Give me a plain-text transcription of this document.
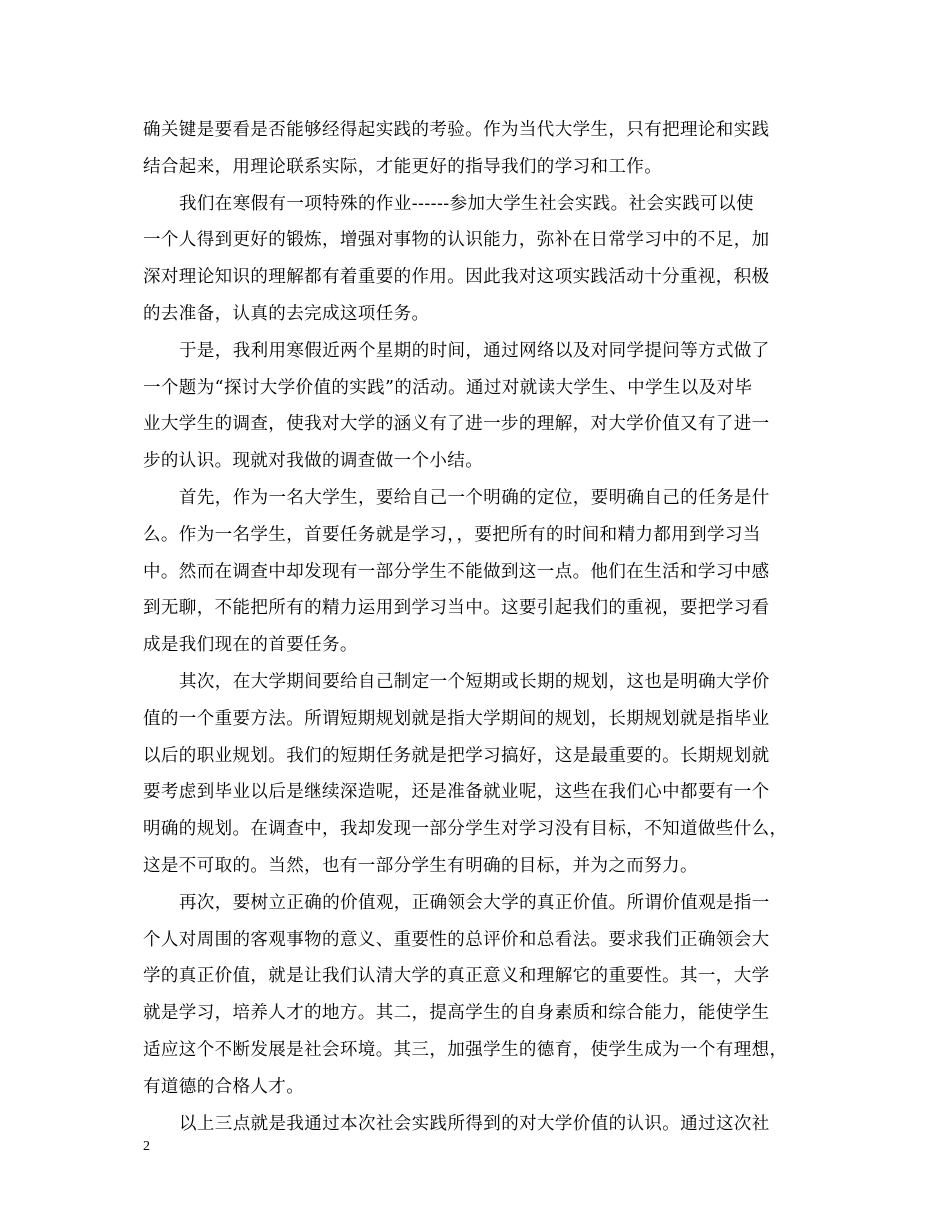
确关键是要看是否能够经得起实践的考验。作为当代大学生，只有把理论和实践
结合起来，用理论联系实际，才能更好的指导我们的学习和工作。
我们在寒假有一项特殊的作业------参加大学生社会实践。社会实践可以使
一个人得到更好的锻炼，增强对事物的认识能力，弥补在日常学习中的不足，加
深对理论知识的理解都有着重要的作用。因此我对这项实践活动十分重视，积极
的去准备，认真的去完成这项任务。
于是，我利用寒假近两个星期的时间，通过网络以及对同学提问等方式做了
一个题为“探讨大学价值的实践”的活动。通过对就读大学生、中学生以及对毕
业大学生的调查，使我对大学的涵义有了进一步的理解，对大学价值又有了进一
步的认识。现就对我做的调查做一个小结。
首先，作为一名大学生，要给自己一个明确的定位，要明确自己的任务是什
么。作为一名学生，首要任务就是学习，，要把所有的时间和精力都用到学习当
中。然而在调查中却发现有一部分学生不能做到这一点。他们在生活和学习中感
到无聊，不能把所有的精力运用到学习当中。这要引起我们的重视，要把学习看
成是我们现在的首要任务。
其次，在大学期间要给自己制定一个短期或长期的规划，这也是明确大学价
值的一个重要方法。所谓短期规划就是指大学期间的规划，长期规划就是指毕业
以后的职业规划。我们的短期任务就是把学习搞好，这是最重要的。长期规划就
要考虑到毕业以后是继续深造呢，还是准备就业呢，这些在我们心中都要有一个
明确的规划。在调查中，我却发现一部分学生对学习没有目标，不知道做些什么，
这是不可取的。当然，也有一部分学生有明确的目标，并为之而努力。
再次，要树立正确的价值观，正确领会大学的真正价值。所谓价值观是指一
个人对周围的客观事物的意义、重要性的总评价和总看法。要求我们正确领会大
学的真正价值，就是让我们认清大学的真正意义和理解它的重要性。其一，大学
就是学习，培养人才的地方。其二，提高学生的自身素质和综合能力，能使学生
适应这个不断发展是社会环境。其三，加强学生的德育，使学生成为一个有理想，
有道德的合格人才。
以上三点就是我通过本次社会实践所得到的对大学价值的认识。通过这次社
2
